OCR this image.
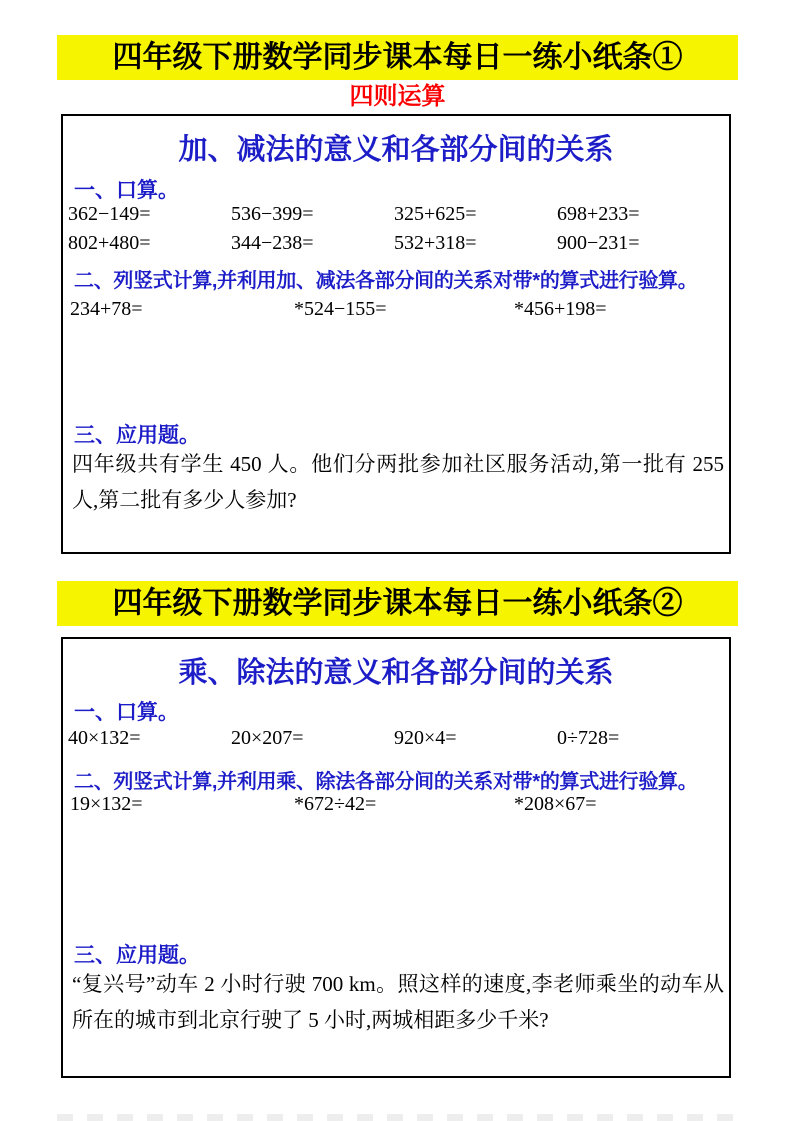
四年级下册数学同步课本每日一练小纸条①
四则运算
加、减法的意义和各部分间的关系
一、口算。
362−149=	536−399=	325+625=	698+233=
802+480=	344−238=	532+318=	900−231=
二、列竖式计算,并利用加、减法各部分间的关系对带*的算式进行验算。
234+78=	*524−155=	*456+198=
三、应用题。
四年级共有学生 450 人。他们分两批参加社区服务活动,第一批有 255 人,第二批有多少人参加?
四年级下册数学同步课本每日一练小纸条②
乘、除法的意义和各部分间的关系
一、口算。
40×132=	20×207=	920×4=	0÷728=
二、列竖式计算,并利用乘、除法各部分间的关系对带*的算式进行验算。
19×132=	*672÷42=	*208×67=
三、应用题。
“复兴号”动车 2 小时行驶 700 km。照这样的速度,李老师乘坐的动车从所在的城市到北京行驶了 5 小时,两城相距多少千米?
